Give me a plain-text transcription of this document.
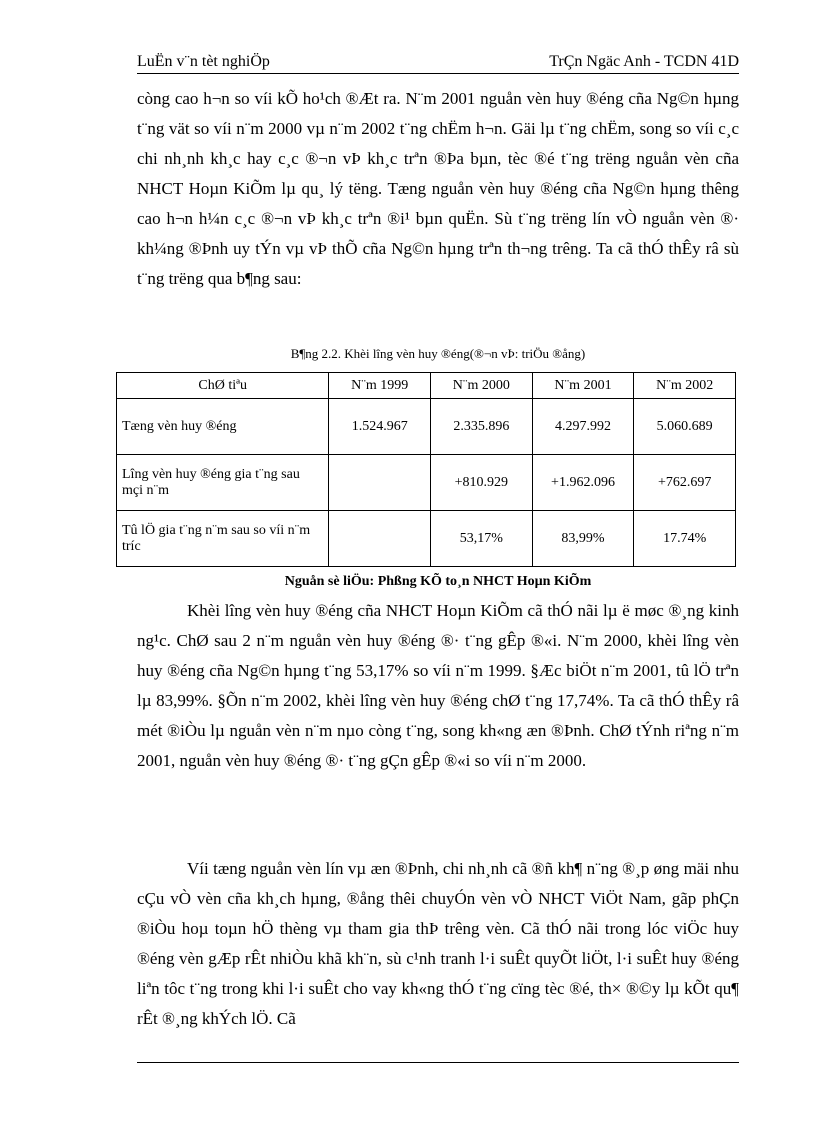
LuËn v¨n tèt nghiÖp	TrÇn Ngäc Anh - TCDN 41D

còng cao h¬n so víi kÕ ho¹ch ®Æt ra. N¨m 2001 nguån vèn huy ®éng cña Ng©n hµng t¨ng vät so víi n¨m 2000 vµ n¨m 2002 t¨ng chËm h¬n. Gäi lµ t¨ng chËm, song so víi c¸c chi nh¸nh kh¸c hay c¸c ®¬n vÞ kh¸c trªn ®Þa bµn, tèc ®é t¨ng trëng nguån vèn cña NHCT Hoµn KiÕm lµ qu¸ lý tëng. Tæng nguån vèn huy ®éng cña Ng©n hµng thêng cao h¬n h¼n c¸c ®¬n vÞ kh¸c trªn ®i¹ bµn quËn. Sù t¨ng trëng lín vÒ nguån vèn ®· kh¼ng ®Þnh uy tÝn vµ vÞ thÕ cña Ng©n hµng trªn th¬ng trêng. Ta cã thÓ thÊy râ sù t¨ng trëng qua b¶ng sau:

B¶ng 2.2. Khèi lîng vèn huy ®éng(®¬n vÞ: triÖu ®ång)
ChØ tiªu	N¨m 1999	N¨m 2000	N¨m 2001	N¨m 2002
Tæng vèn huy ®éng	1.524.967	2.335.896	4.297.992	5.060.689
Lîng vèn huy ®éng gia t¨ng sau mçi n¨m		+810.929	+1.962.096	+762.697
Tû lÖ gia t¨ng n¨m sau so víi n¨m tríc		53,17%	83,99%	17.74%
Nguån sè liÖu: Phßng KÕ to¸n NHCT Hoµn KiÕm

Khèi lîng vèn huy ®éng cña NHCT Hoµn KiÕm cã thÓ nãi lµ ë møc ®¸ng kinh ng¹c. ChØ sau 2 n¨m nguån vèn huy ®éng ®· t¨ng gÊp ®«i. N¨m 2000, khèi lîng vèn huy ®éng cña Ng©n hµng t¨ng 53,17% so víi n¨m 1999. §Æc biÖt n¨m 2001, tû lÖ trªn lµ 83,99%. §Õn n¨m 2002, khèi lîng vèn huy ®éng chØ t¨ng 17,74%. Ta cã thÓ thÊy râ mét ®iÒu lµ nguån vèn n¨m nµo còng t¨ng, song kh«ng æn ®Þnh. ChØ tÝnh riªng n¨m 2001, nguån vèn huy ®éng ®· t¨ng gÇn gÊp ®«i so víi n¨m 2000.

Víi tæng nguån vèn lín vµ æn ®Þnh, chi nh¸nh cã ®ñ kh¶ n¨ng ®¸p øng mäi nhu cÇu vÒ vèn cña kh¸ch hµng, ®ång thêi chuyÓn vèn vÒ NHCT ViÖt Nam, gãp phÇn ®iÒu hoµ toµn hÖ thèng vµ tham gia thÞ trêng vèn. Cã thÓ nãi trong lóc viÖc huy ®éng vèn gÆp rÊt nhiÒu khã kh¨n, sù c¹nh tranh l·i suÊt quyÕt liÖt, l·i suÊt huy ®éng liªn tôc t¨ng trong khi l·i suÊt cho vay kh«ng thÓ t¨ng cïng tèc ®é, th× ®©y lµ kÕt qu¶ rÊt ®¸ng khÝch lÖ. Cã
